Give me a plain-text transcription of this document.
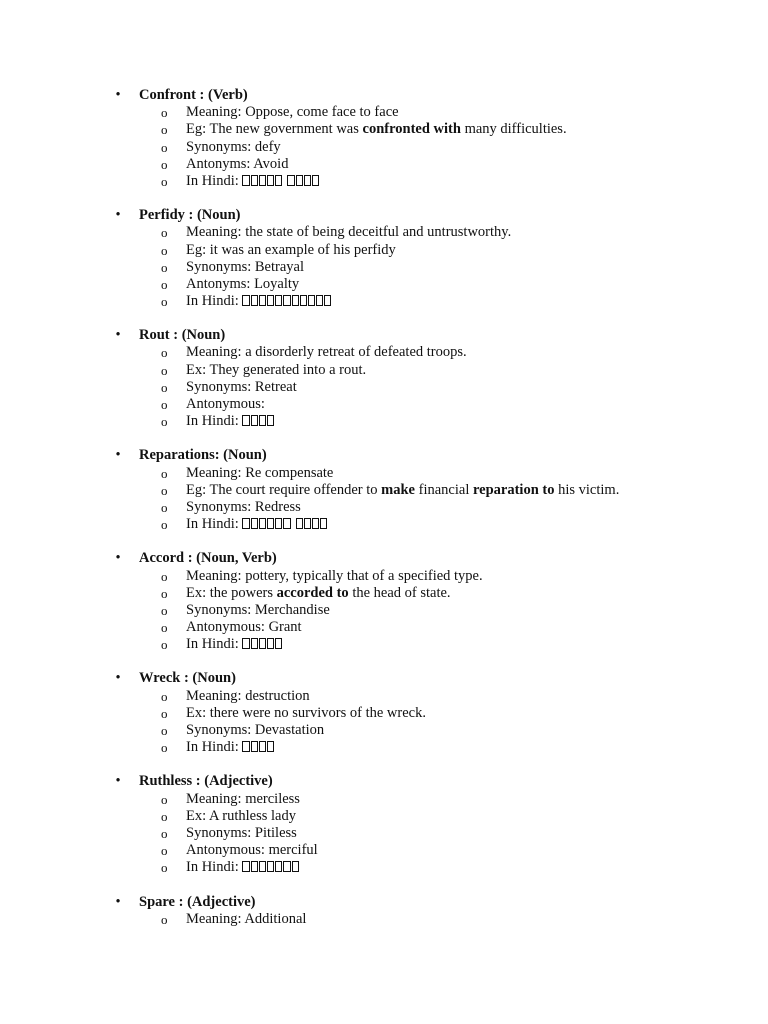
• Confront : (Verb)
o Meaning: Oppose, come face to face
o Eg: The new government was confronted with many difficulties.
o Synonyms: defy
o Antonyms: Avoid
o In Hindi:
• Perfidy : (Noun)
o Meaning: the state of being deceitful and untrustworthy.
o Eg: it was an example of his perfidy
o Synonyms: Betrayal
o Antonyms: Loyalty
o In Hindi:
• Rout : (Noun)
o Meaning: a disorderly retreat of defeated troops.
o Ex: They generated into a rout.
o Synonyms: Retreat
o Antonymous:
o In Hindi:
• Reparations: (Noun)
o Meaning: Re compensate
o Eg: The court require offender to make financial reparation to his victim.
o Synonyms: Redress
o In Hindi:
• Accord : (Noun, Verb)
o Meaning: pottery, typically that of a specified type.
o Ex: the powers accorded to the head of state.
o Synonyms: Merchandise
o Antonymous: Grant
o In Hindi:
• Wreck : (Noun)
o Meaning: destruction
o Ex: there were no survivors of the wreck.
o Synonyms: Devastation
o In Hindi:
• Ruthless : (Adjective)
o Meaning: merciless
o Ex: A ruthless lady
o Synonyms: Pitiless
o Antonymous: merciful
o In Hindi:
• Spare : (Adjective)
o Meaning: Additional
